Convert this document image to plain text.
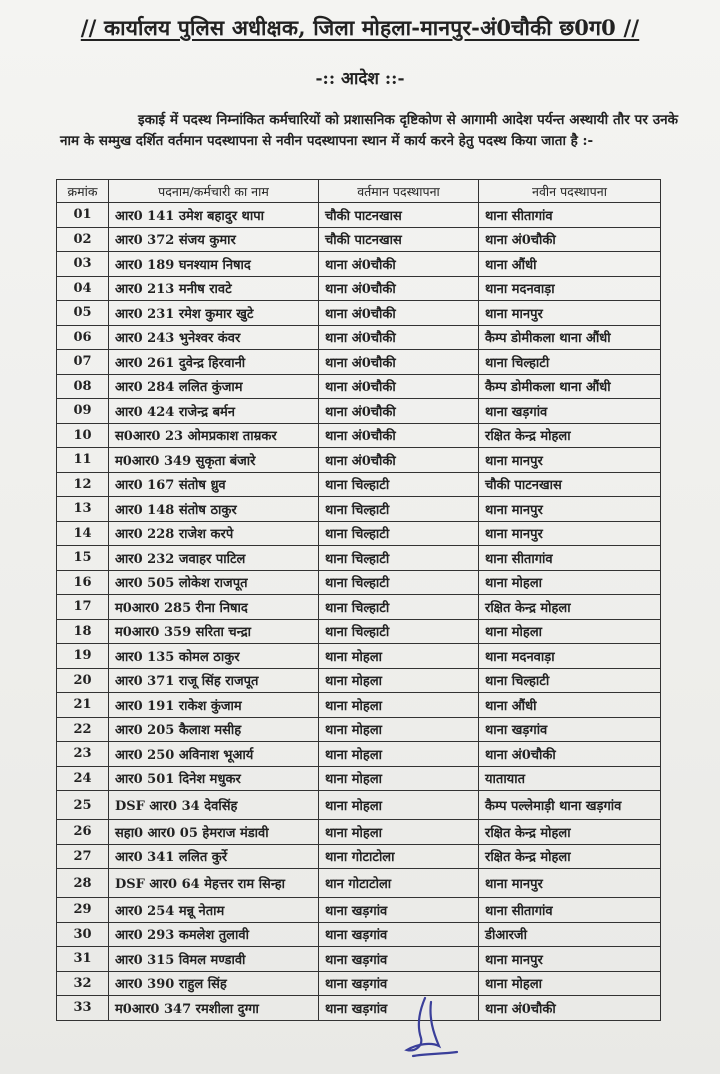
// कार्यालय पुलिस अधीक्षक, जिला मोहला-मानपुर-अं0चौकी छ0ग0 //
-:: आदेश ::-
इकाई में पदस्थ निम्नांकित कर्मचारियों को प्रशासनिक दृष्टिकोण से आगामी आदेश पर्यन्त अस्थायी तौर पर उनके नाम के सम्मुख दर्शित वर्तमान पदस्थापना से नवीन पदस्थापना स्थान में कार्य करने हेतु पदस्थ किया जाता है :-
क्रमांक	पदनाम/कर्मचारी का नाम	वर्तमान पदस्थापना	नवीन पदस्थापना
01	आर0 141 उमेश बहादुर थापा	चौकी पाटनखास	थाना सीतागांव
02	आर0 372 संजय कुमार	चौकी पाटनखास	थाना अं0चौकी
03	आर0 189 घनश्याम निषाद	थाना अं0चौकी	थाना औंधी
04	आर0 213 मनीष रावटे	थाना अं0चौकी	थाना मदनवाड़ा
05	आर0 231 रमेश कुमार खुटे	थाना अं0चौकी	थाना मानपुर
06	आर0 243 भुनेश्वर कंवर	थाना अं0चौकी	कैम्प डोमीकला थाना औंधी
07	आर0 261 दुवेन्द्र हिरवानी	थाना अं0चौकी	थाना चिल्हाटी
08	आर0 284 ललित कुंजाम	थाना अं0चौकी	कैम्प डोमीकला थाना औंधी
09	आर0 424 राजेन्द्र बर्मन	थाना अं0चौकी	थाना खड़गांव
10	स0आर0 23 ओमप्रकाश ताम्रकर	थाना अं0चौकी	रक्षित केन्द्र मोहला
11	म0आर0 349 सुकृता बंजारे	थाना अं0चौकी	थाना मानपुर
12	आर0 167 संतोष ध्रुव	थाना चिल्हाटी	चौकी पाटनखास
13	आर0 148 संतोष ठाकुर	थाना चिल्हाटी	थाना मानपुर
14	आर0 228 राजेश करपे	थाना चिल्हाटी	थाना मानपुर
15	आर0 232 जवाहर पाटिल	थाना चिल्हाटी	थाना सीतागांव
16	आर0 505 लोकेश राजपूत	थाना चिल्हाटी	थाना मोहला
17	म0आर0 285 रीना निषाद	थाना चिल्हाटी	रक्षित केन्द्र मोहला
18	म0आर0 359 सरिता चन्द्रा	थाना चिल्हाटी	थाना मोहला
19	आर0 135 कोमल ठाकुर	थाना मोहला	थाना मदनवाड़ा
20	आर0 371 राजू सिंह राजपूत	थाना मोहला	थाना चिल्हाटी
21	आर0 191 राकेश कुंजाम	थाना मोहला	थाना औंधी
22	आर0 205 कैलाश मसीह	थाना मोहला	थाना खड़गांव
23	आर0 250 अविनाश भूआर्य	थाना मोहला	थाना अं0चौकी
24	आर0 501 दिनेश मधुकर	थाना मोहला	यातायात
25	DSF आर0 34 देवसिंह	थाना मोहला	कैम्प पल्लेमाड़ी थाना खड़गांव
26	सहा0 आर0 05 हेमराज मंडावी	थाना मोहला	रक्षित केन्द्र मोहला
27	आर0 341 ललित कुर्रे	थाना गोटाटोला	रक्षित केन्द्र मोहला
28	DSF आर0 64 मेहत्तर राम सिन्हा	थान गोटाटोला	थाना मानपुर
29	आर0 254 मन्नू नेताम	थाना खड़गांव	थाना सीतागांव
30	आर0 293 कमलेश तुलावी	थाना खड़गांव	डीआरजी
31	आर0 315 विमल मण्डावी	थाना खड़गांव	थाना मानपुर
32	आर0 390 राहुल सिंह	थाना खड़गांव	थाना मोहला
33	म0आर0 347 रमशीला दुग्गा	थाना खड़गांव	थाना अं0चौकी
